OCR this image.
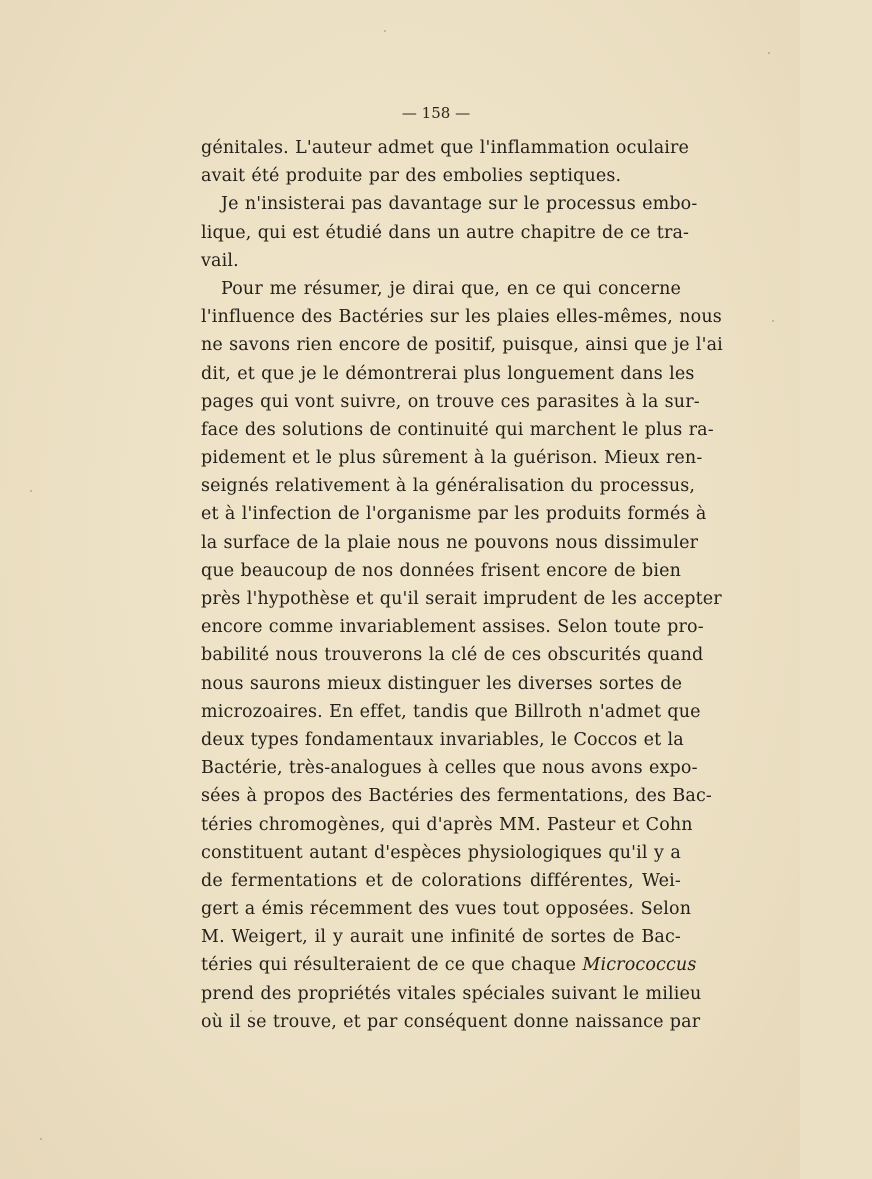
— 158 —
génitales. L'auteur admet que l'inflammation oculaire
avait été produite par des embolies septiques.
Je n'insisterai pas davantage sur le processus embo-
lique, qui est étudié dans un autre chapitre de ce tra-
vail.
Pour me résumer, je dirai que, en ce qui concerne
l'influence des Bactéries sur les plaies elles-mêmes, nous
ne savons rien encore de positif, puisque, ainsi que je l'ai
dit, et que je le démontrerai plus longuement dans les
pages qui vont suivre, on trouve ces parasites à la sur-
face des solutions de continuité qui marchent le plus ra-
pidement et le plus sûrement à la guérison. Mieux ren-
seignés relativement à la généralisation du processus,
et à l'infection de l'organisme par les produits formés à
la surface de la plaie nous ne pouvons nous dissimuler
que beaucoup de nos données frisent encore de bien
près l'hypothèse et qu'il serait imprudent de les accepter
encore comme invariablement assises. Selon toute pro-
babilité nous trouverons la clé de ces obscurités quand
nous saurons mieux distinguer les diverses sortes de
microzoaires. En effet, tandis que Billroth n'admet que
deux types fondamentaux invariables, le Coccos et la
Bactérie, très-analogues à celles que nous avons expo-
sées à propos des Bactéries des fermentations, des Bac-
téries chromogènes, qui d'après MM. Pasteur et Cohn
constituent autant d'espèces physiologiques qu'il y a
de fermentations et de colorations différentes, Wei-
gert a émis récemment des vues tout opposées. Selon
M. Weigert, il y aurait une infinité de sortes de Bac-
téries qui résulteraient de ce que chaque Micrococcus
prend des propriétés vitales spéciales suivant le milieu
où il se trouve, et par conséquent donne naissance par
